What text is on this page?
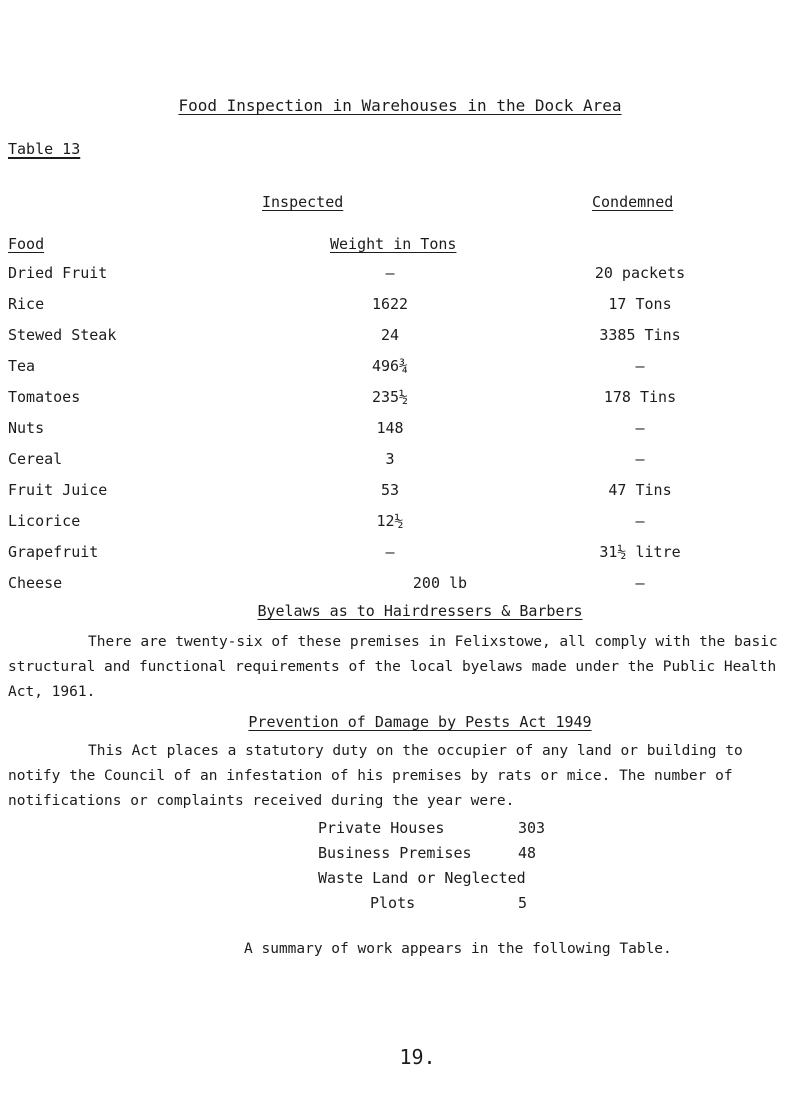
Food Inspection in Warehouses in the Dock Area
Table 13
Inspected	Condemned
Food	Weight in Tons
Dried Fruit	—	20 packets
Rice	1622	17 Tons
Stewed Steak	24	3385 Tins
Tea	496¾	—
Tomatoes	235½	178 Tins
Nuts	148	—
Cereal	3	—
Fruit Juice	53	47 Tins
Licorice	12½	—
Grapefruit	—	31½ litre
Cheese	200 lb	—
Byelaws as to Hairdressers & Barbers
There are twenty-six of these premises in Felixstowe, all comply with the basic structural and functional requirements of the local byelaws made under the Public Health Act, 1961.
Prevention of Damage by Pests Act 1949
This Act places a statutory duty on the occupier of any land or building to notify the Council of an infestation of his premises by rats or mice. The number of notifications or complaints received during the year were.
Private Houses	303
Business Premises	48
Waste Land or Neglected
Plots	5
A summary of work appears in the following Table.
19.
